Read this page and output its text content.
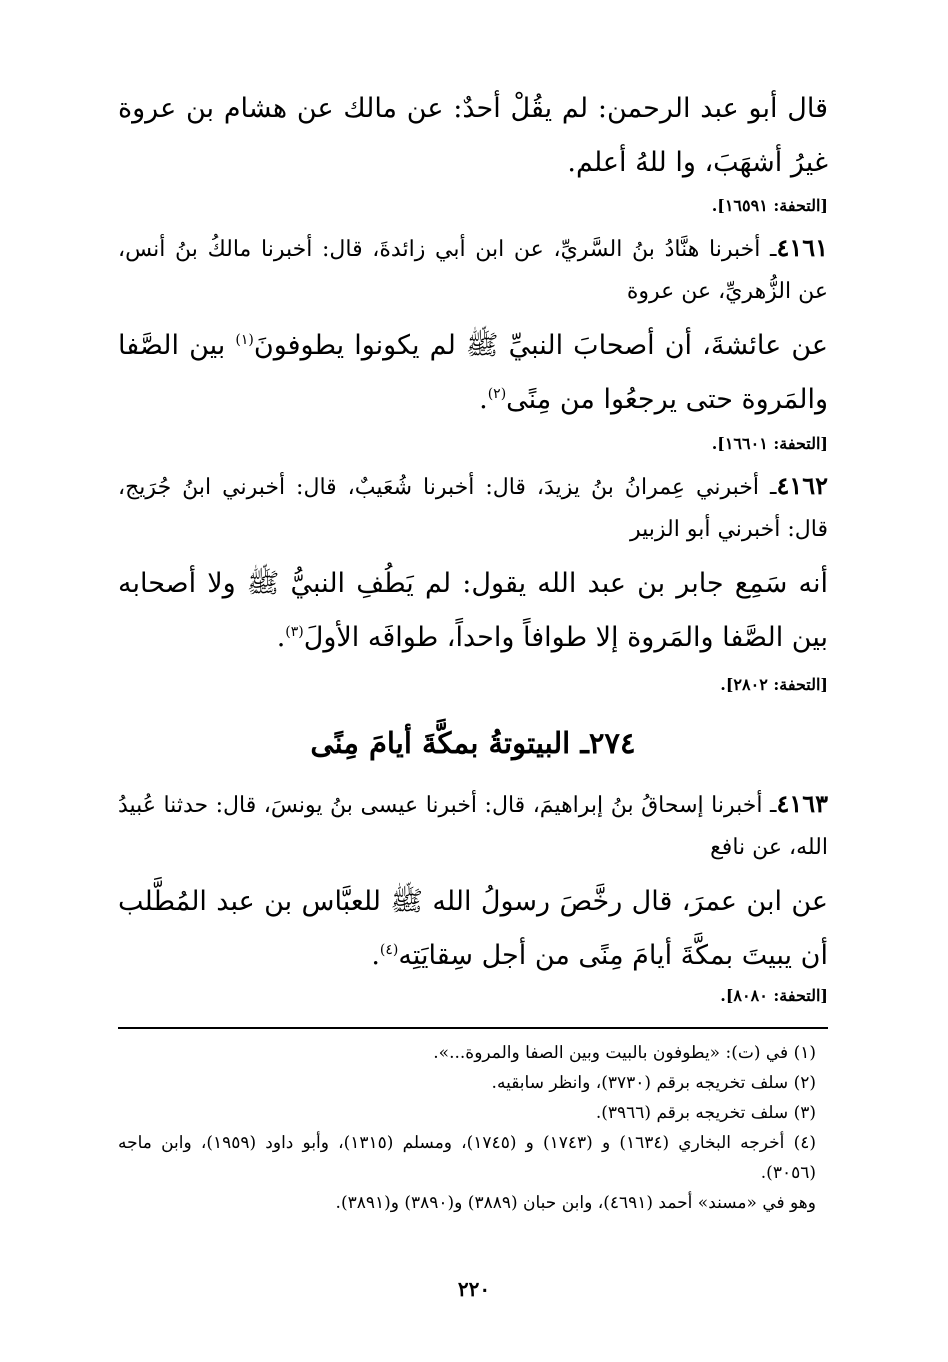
قال أبو عبد الرحمن: لم يقُلْ أحدٌ: عن مالك عن هشام بن عروة غيرُ أشهَبَ، وا للهُ أعلم.

[التحفة: ١٦٥٩١].

٤١٦١ـ أخبرنا هنَّادُ بنُ السَّريِّ، عن ابن أبي زائدةَ، قال: أخبرنا مالكُ بنُ أنس، عن الزُّهريِّ، عن عروة

عن عائشةَ، أن أصحابَ النبيِّ ﷺ لم يكونوا يطوفونَ$^{(١)}$ بين الصَّفا والمَروة حتى يرجعُوا من مِنًى$^{(٢)}$.

[التحفة: ١٦٦٠١].

٤١٦٢ـ أخبرني عِمرانُ بنُ يزيدَ، قال: أخبرنا شُعَيبٌ، قال: أخبرني ابنُ جُرَيج، قال: أخبرني أبو الزبير

أنه سَمِع جابر بن عبد الله يقول: لم يَطُفِ النبيُّ ﷺ ولا أصحابه بين الصَّفا والمَروة إلا طوافاً واحداً، طوافَه الأولَ$^{(٣)}$.

[التحفة: ٢٨٠٢].

٢٧٤ـ البيتوتةُ بمكَّةَ أيامَ مِنًى

٤١٦٣ـ أخبرنا إسحاقُ بنُ إبراهيمَ، قال: أخبرنا عيسى بنُ يونسَ، قال: حدثنا عُبيدُ الله، عن نافع

عن ابن عمرَ، قال رخَّصَ رسولُ الله ﷺ للعبَّاس بن عبد المُطَّلب أن يبيتَ بمكَّةَ أيامَ مِنًى من أجل سِقايَتِه$^{(٤)}$.

[التحفة: ٨٠٨٠].

(١) في (ت): «يطوفون بالبيت وبين الصفا والمروة...».

(٢) سلف تخريجه برقم (٣٧٣٠)، وانظر سابقيه.

(٣) سلف تخريجه برقم (٣٩٦٦).

(٤) أخرجه البخاري (١٦٣٤) و (١٧٤٣) و (١٧٤٥)، ومسلم (١٣١٥)، وأبو داود (١٩٥٩)، وابن ماجه (٣٠٥٦).

وهو في «مسند» أحمد (٤٦٩١)، وابن حبان (٣٨٨٩) و(٣٨٩٠) و(٣٨٩١).

٢٢٠
